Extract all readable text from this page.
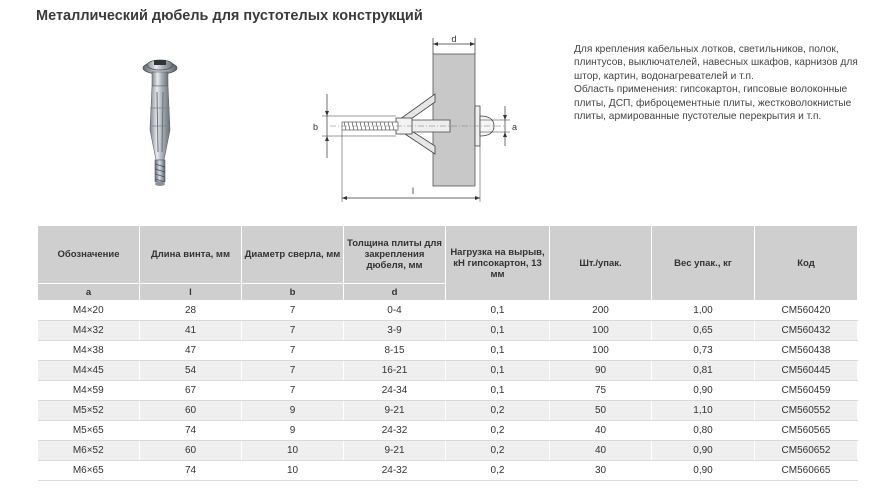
Металлический дюбель для пустотелых конструкций
d
b	a
l

Для крепления кабельных лотков, светильников, полок, плинтусов, выключателей, навесных шкафов, карнизов для штор, картин, водонагревателей и т.п.

Область применения: гипсокартон, гипсовые волоконные плиты, ДСП, фиброцементные плиты, жестковолокнистые плиты, армированные пустотелые перекрытия и т.п.

Обозначение	Длина винта, мм	Диаметр сверла, мм	Толщина плиты для закрепления дюбеля, мм	Нагрузка на вырыв, кН гипсокартон, 13 мм	Шт./упак.	Вес упак., кг	Код
a	l	b	d				
M4×20	28	7	0-4	0,1	200	1,00	CM560420
M4×32	41	7	3-9	0,1	100	0,65	CM560432
M4×38	47	7	8-15	0,1	100	0,73	CM560438
M4×45	54	7	16-21	0,1	90	0,81	CM560445
M4×59	67	7	24-34	0,1	75	0,90	CM560459
M5×52	60	9	9-21	0,2	50	1,10	CM560552
M5×65	74	9	24-32	0,2	40	0,80	CM560565
M6×52	60	10	9-21	0,2	40	0,90	CM560652
M6×65	74	10	24-32	0,2	30	0,90	CM560665
